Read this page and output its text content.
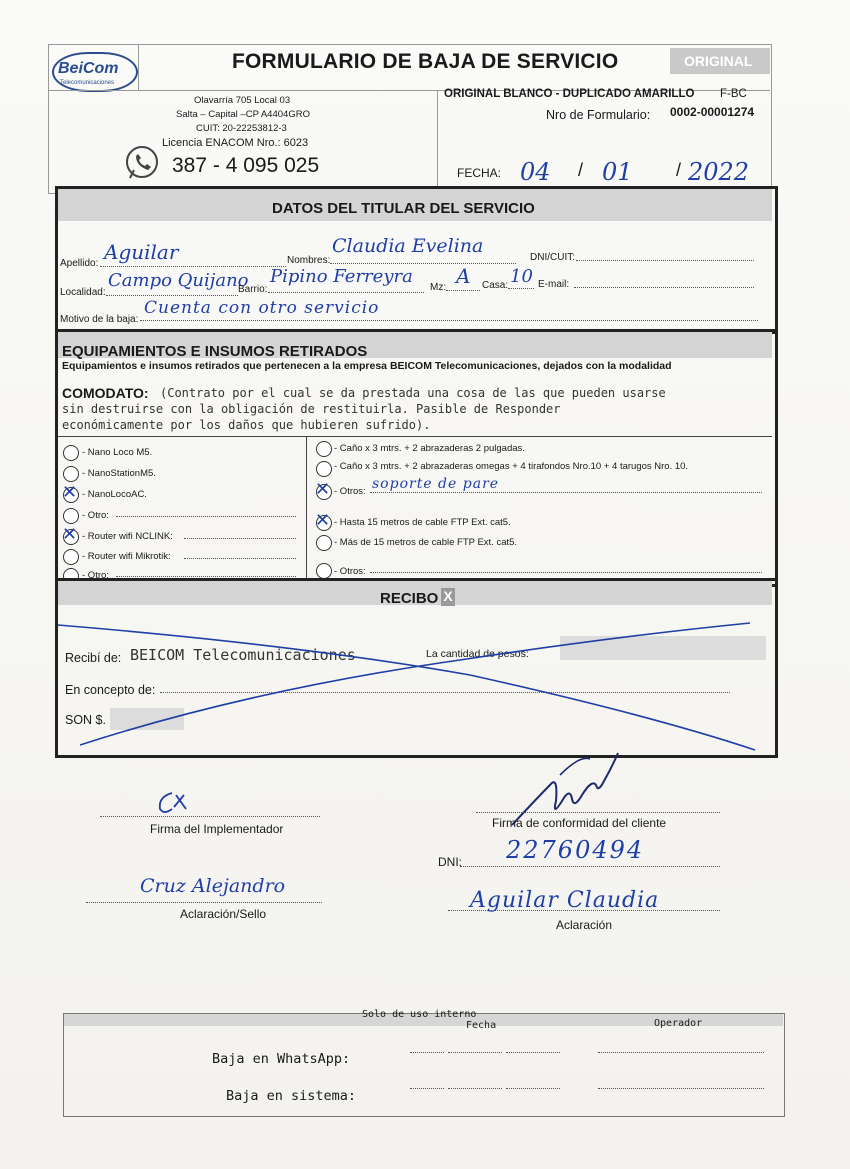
BeiCom
Telecomunicaciones
FORMULARIO DE BAJA DE SERVICIO	ORIGINAL
Olavarría 705 Local 03
Salta – Capital –CP A4404GRO
CUIT: 20-22253812-3
Licencia ENACOM Nro.: 6023
387 - 4 095 025
ORIGINAL BLANCO - DUPLICADO AMARILLO F-BC
Nro de Formulario: 0002-00001274
FECHA: 04 / 01 / 2022
DATOS DEL TITULAR DEL SERVICIO
Apellido: Aguilar	Nombres:
Claudia Evelina
DNI/CUIT:
Localidad:
Campo Quijano
Barrio:
Pipino Ferreyra
Mz: A Casa: 10 E-mail:
Motivo de la baja:
Cuenta con otro servicio
EQUIPAMIENTOS E INSUMOS RETIRADOS
Equipamientos e insumos retirados que pertenecen a la empresa BEICOM Telecomunicaciones, dejados con la modalidad
COMODATO: (Contrato por el cual se da prestada una cosa de las que pueden usarse
sin destruirse con la obligación de restituirla. Pasible de Responder
económicamente por los daños que hubieren sufrido).
- Nano Loco M5.
- NanoStationM5.
✕ - NanoLocoAC.
- Otro:
✕ - Router wifi NCLINK:
- Router wifi Mikrotik:
- Otro:
- Caño x 3 mtrs. + 2 abrazaderas 2 pulgadas.
- Caño x 3 mtrs. + 2 abrazaderas omegas + 4 tirafondos Nro.10 + 4 tarugos Nro. 10.
✕ - Otros: soporte de pare
✕ - Hasta 15 metros de cable FTP Ext. cat5.
- Más de 15 metros de cable FTP Ext. cat5.
- Otros:
RECIBO X
Recibí de: BEICOM Telecomunicaciones	La cantidad de pesos:
En concepto de:
SON $.
Firma del Implementador	Firma de conformidad del cliente
DNI: 22760494
Cruz Alejandro
Aclaración/Sello
Aguilar Claudia
Aclaración
Solo de uso interno
Fecha	Operador
Baja en WhatsApp:
Baja en sistema:
